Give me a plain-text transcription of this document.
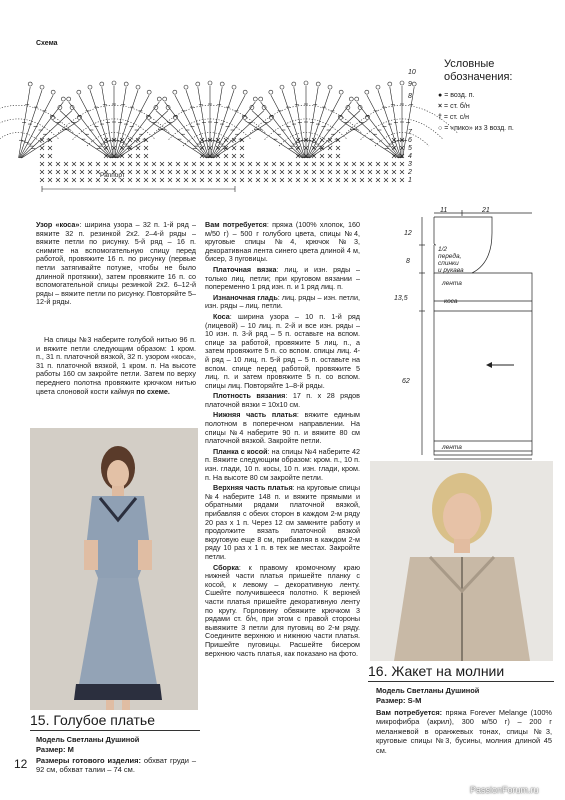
Схема
Раппорт
10
9
8
7
6
5
4
3
2
1
Условные
обозначения:
● = возд. п.
× = ст. б/н
† = ст. с/н
○ = «пико» из 3 возд. п.
Узор «коса»: ширина узора – 32 п. 1-й ряд – вяжите 32 п. резинкой 2х2. 2–4-й ряды – вяжите петли по рисунку. 5-й ряд – 16 п. снимите на вспомогательную спицу перед работой, провяжите 16 п. по рисунку (первые петли затягивайте потуже, чтобы не было длинной протяжки), затем провяжите 16 п. со вспомогательной спицы резинкой 2х2. 6–12-й ряды – вяжите петли по рисунку. Повторяйте 5–12-й ряды.
На спицы №3 наберите голубой нитью 96 п. и вяжите петли следующим образом: 1 кром. п., 31 п. платочной вязкой, 32 п. узором «коса», 31 п. платочной вязкой, 1 кром. п. На высоте работы 160 см закройте петли. Затем по верху переднего полотна провяжите крючком нитью цвета слоновой кости каймуя по схеме.
15. Голубое платье
Модель Светланы Душиной
Размер: М
Размеры готового изделия: обхват груди – 92 см, обхват талии – 74 см.
Вам потребуется: пряжа (100% хлопок, 160 м/50 г) – 500 г голубого цвета, спицы №4, круговые спицы №4, крючок №3, декоративная лента синего цвета длиной 4 м, бисер, 3 пуговицы.
Платочная вязка: лиц. и изн. ряды – только лиц. петли; при круговом вязании – попеременно 1 ряд изн. п. и 1 ряд лиц. п.
Изнаночная гладь: лиц. ряды – изн. петли, изн. ряды – лиц. петли.
Коса: ширина узора – 10 п. 1-й ряд (лицевой) – 10 лиц. п. 2-й и все изн. ряды – 10 изн. п. 3-й ряд – 5 п. оставьте на вспом. спице за работой, провяжите 5 лиц. п., а затем провяжите 5 п. со вспом. спицы лиц. 4-й ряд – 10 лиц. п. 5-й ряд – 5 п. оставьте на вспом. спице перед работой, провяжите 5 лиц. п. и затем провяжите 5 п. со вспом. спицы лиц. Повторяйте 1–8-й ряды.
Плотность вязания: 17 п. х 28 рядов платочной вязки = 10х10 см.
Нижняя часть платья: вяжите единым полотном в поперечном направлении. На спицы №4 наберите 90 п. и вяжите 80 см платочной вязкой. Закройте петли.
Планка с косой: на спицы №4 наберите 42 п. Вяжите следующим образом: кром. п., 10 п. изн. глади, 10 п. косы, 10 п. изн. глади, кром. п. На высоте 80 см закройте петли.
Верхняя часть платья: на круговые спицы №4 наберите 148 п. и вяжите прямыми и обратными рядами платочной вязкой, прибавляя с обеих сторон в каждом 2-м ряду 20 раз х 1 п. Через 12 см замкните работу и продолжите вязать платочной вязкой вкруговую еще 8 см, прибавляя в каждом 2-м ряду 10 раз х 1 п. в тех же местах. Закройте петли.
Сборка: к правому кромочному краю нижней части платья пришейте планку с косой, к левому – декоративную ленту. Сшейте получившееся полотно. К верхней части платья пришейте декоративную ленту по кругу. Горловину обвяжите крючком 3 рядами ст. б/н, при этом с правой стороны вывяжите 3 петли для пуговиц во 2-м ряду. Соедините верхнюю и нижнюю части платья. Пришейте пуговицы. Расшейте бисером верхнюю часть платья, как показано на фото.
11	21
12
8
13,5
62
1/2
переда,
спинки
и рукава
лента
коса
лента
16. Жакет на молнии
Модель Светланы Душиной
Размер: S-M
Вам потребуется: пряжа Forever Melange (100% микрофибра (акрил), 300 м/50 г) – 200 г меланжевой в оранжевых тонах, спицы №3, круговые спицы №3, бусины, молния длиной 45 см.
12
PassionForum.ru
